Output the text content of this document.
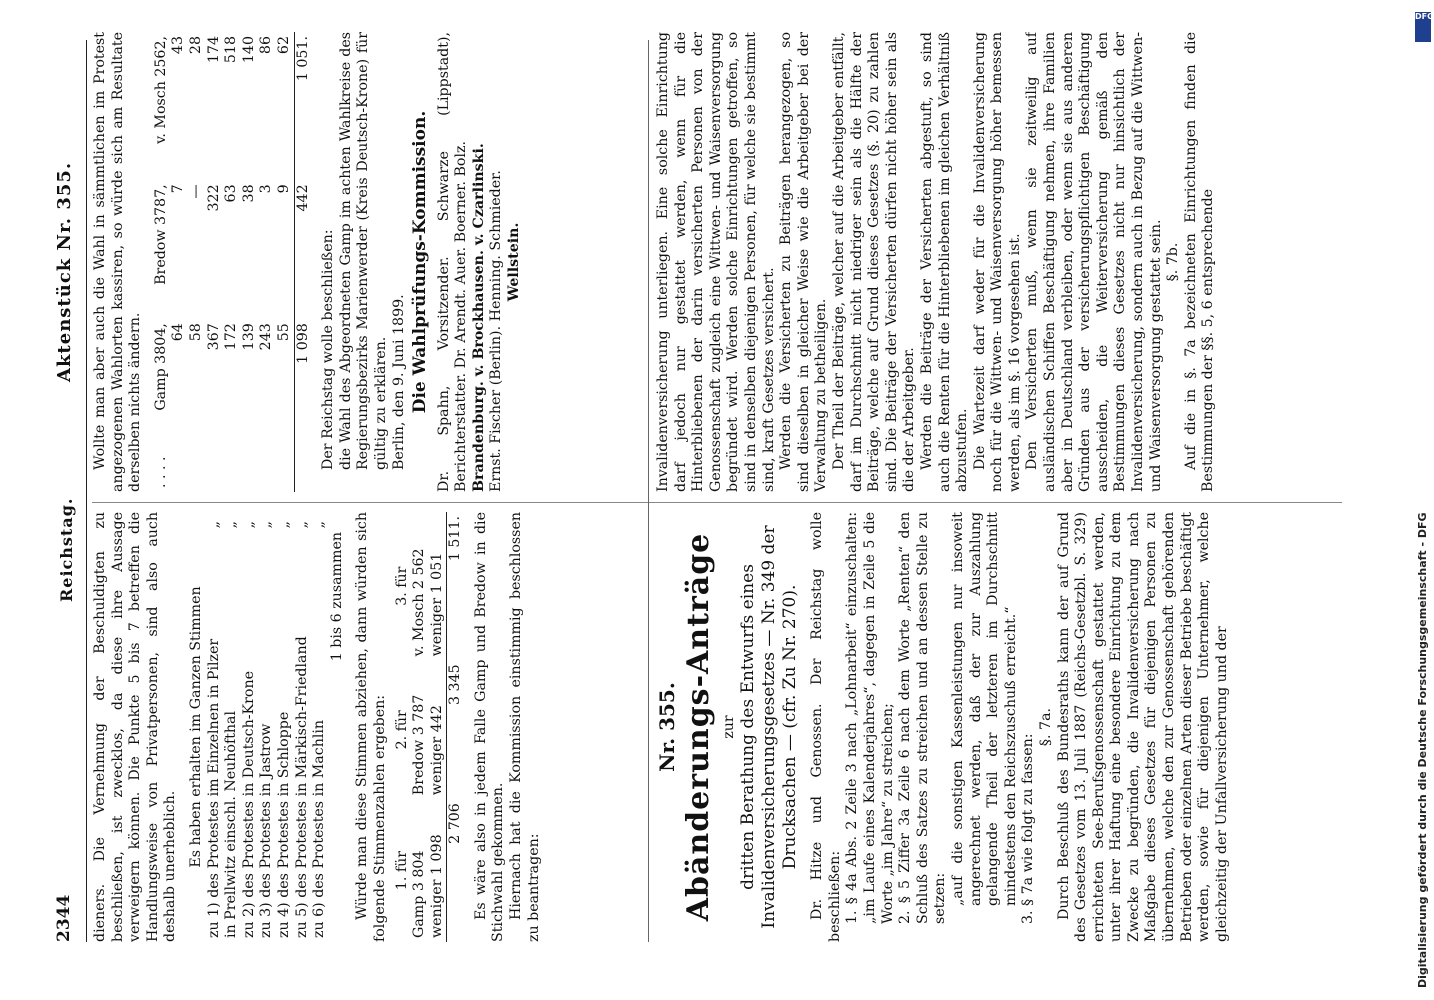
2344
Reichstag.
Aktenstück Nr. 355.

dieners. Die Vernehmung der Beschuldigten zu beschließen, ist zwecklos, da diese ihre Aussage verweigern können. Die Punkte 5 bis 7 betreffen die Handlungsweise von Privatpersonen, sind also auch deshalb unerheblich. Es haben erhalten im Ganzen Stimmen zu 1) des Protestes im Einzelnen in Pilzer	„
in Prellwitz einschl. Neuhöfthal	„
zu 2) des Protestes in Deutsch-Krone	„
zu 3) des Protestes in Jastrow	„
zu 4) des Protestes in Schloppe	„
zu 5) des Protestes in Märkisch-Friedland	„
zu 6) des Protestes in Machlin	„

1 bis 6 zusammen Würde man diese Stimmen abziehen, dann würden sich folgende Stimmenzahlen ergeben: 1. für	2. für	3. für
Gamp 3 804	Bredow 3 787	v. Mosch 2 562
weniger 1 098	weniger 442	weniger 1 051
2 706	3 345	1 511. Es wäre also in jedem Falle Gamp und Bredow in die Stichwahl gekommen. Hiernach hat die Kommission einstimmig beschlossen zu beantragen:

Wollte man aber auch die Wahl in sämmtlichen im Protest angezogenen Wahlorten kassiren, so würde sich am Resultate derselben nichts ändern. . . . .	Gamp 3804,	Bredow 3787,	v. Mosch 2562,
	64	7	43
	58	—	28
	367	322	174
	172	63	518
	139	38	140
	243	3	86
	55	9	62
	1 098	442	1 051.

Der Reichstag wolle beschließen: die Wahl des Abgeordneten Gamp im achten Wahlkreise des Regierungsbezirks Marienwerder (Kreis Deutsch-Krone) für gültig zu erklären. Berlin, den 9. Juni 1899. Die Wahlprüfungs-Kommission. Dr. Spahn, Vorsitzender. Schwarze (Lippstadt), Berichterstatter. Dr. Arendt. Auer. Boerner. Bolz. Brandenburg. v. Brockhausen. v. Czarlinski. Ernst. Fischer (Berlin). Henning. Schmieder. Wellstein.

Nr. 355. Abänderungs-Anträge zur dritten Berathung des Entwurfs eines Invalidenversicherungsgesetzes — Nr. 349 der Drucksachen — (cfr. Zu Nr. 270). Dr. Hitze und Genossen. Der Reichstag wolle beschließen: 1. § 4a Abs. 2 Zeile 3 nach „Lohnarbeit“ einzuschalten: „im Laufe eines Kalenderjahres“, dagegen in Zeile 5 die Worte „im Jahre“ zu streichen; 2. § 5 Ziffer 3a Zeile 6 nach dem Worte „Renten“ den Schluß des Satzes zu streichen und an dessen Stelle zu setzen: „auf die sonstigen Kassenleistungen nur insoweit angerechnet werden, daß der zur Auszahlung gelangende Theil der letzteren im Durchschnitt mindestens den Reichszuschuß erreicht.“ 3. § 7a wie folgt zu fassen:

§. 7a. Durch Beschluß des Bundesraths kann der auf Grund des Gesetzes vom 13. Juli 1887 (Reichs-Gesetzbl. S. 329) errichteten See-Berufsgenossenschaft gestattet werden, unter ihrer Haftung eine besondere Einrichtung zu dem Zwecke zu begründen, die Invalidenversicherung nach Maßgabe dieses Gesetzes für diejenigen Personen zu übernehmen, welche den zur Genossenschaft gehörenden Betrieben oder einzelnen Arten dieser Betriebe beschäftigt werden, sowie für diejenigen Unternehmer, welche gleichzeitig der Unfallversicherung und der

Invalidenversicherung unterliegen. Eine solche Einrichtung darf jedoch nur gestattet werden, wenn für die Hinterbliebenen der darin versicherten Personen von der Genossenschaft zugleich eine Wittwen- und Waisenversorgung begründet wird. Werden solche Einrichtungen getroffen, so sind in denselben diejenigen Personen, für welche sie bestimmt sind, kraft Gesetzes versichert. Werden die Versicherten zu Beiträgen herangezogen, so sind dieselben in gleicher Weise wie die Arbeitgeber bei der Verwaltung zu betheiligen. Der Theil der Beiträge, welcher auf die Arbeitgeber entfällt, darf im Durchschnitt nicht niedriger sein als die Hälfte der Beiträge, welche auf Grund dieses Gesetzes (§. 20) zu zahlen sind. Die Beiträge der Versicherten dürfen nicht höher sein als die der Arbeitgeber. Werden die Beiträge der Versicherten abgestuft, so sind auch die Renten für die Hinterbliebenen im gleichen Verhältniß abzustufen. Die Wartezeit darf weder für die Invalidenversicherung noch für die Wittwen- und Waisenversorgung höher bemessen werden, als im §. 16 vorgesehen ist. Den Versicherten muß, wenn sie zeitweilig auf ausländischen Schiffen Beschäftigung nehmen, ihre Familien aber in Deutschland verbleiben, oder wenn sie aus anderen Gründen aus der versicherungspflichtigen Beschäftigung ausscheiden, die Weiterversicherung gemäß den Bestimmungen dieses Gesetzes nicht nur hinsichtlich der Invalidenversicherung, sondern auch in Bezug auf die Wittwen- und Waisenversorgung gestattet sein. §. 7b. Auf die in §. 7a bezeichneten Einrichtungen finden die Bestimmungen der §§. 5, 6 entsprechende

Digitalisierung gefördert durch die Deutsche Forschungsgemeinschaft - DFG
DFG
